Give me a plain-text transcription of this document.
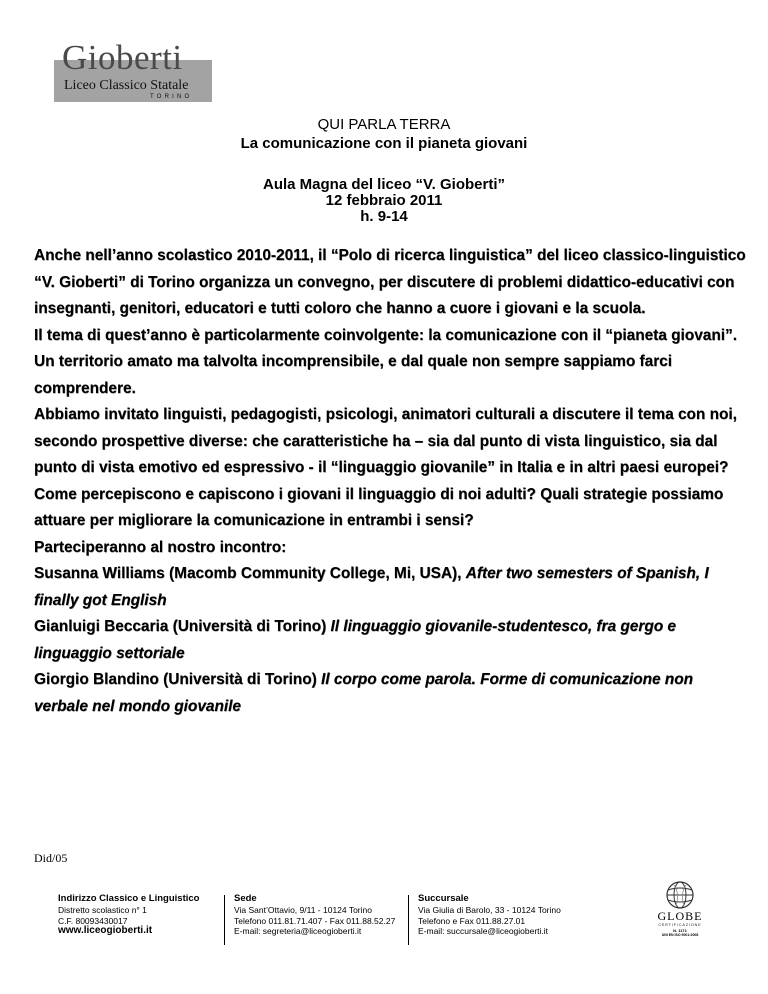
Gioberti
Liceo Classico Statale
TORINO
QUI PARLA TERRA
La comunicazione con il pianeta giovani
Aula Magna del liceo “V. Gioberti”
12 febbraio 2011
h. 9-14

Anche nell’anno scolastico 2010-2011, il “Polo di ricerca linguistica” del liceo classico-linguistico “V. Gioberti” di Torino organizza un convegno, per discutere di problemi didattico-educativi con insegnanti, genitori, educatori e tutti coloro che hanno a cuore i giovani e la scuola.

Il tema di quest’anno è particolarmente coinvolgente: la comunicazione con il “pianeta giovani”. Un territorio amato ma talvolta incomprensibile, e dal quale non sempre sappiamo farci comprendere.

Abbiamo invitato linguisti, pedagogisti, psicologi, animatori culturali a discutere il tema con noi, secondo prospettive diverse: che caratteristiche ha – sia dal punto di vista linguistico, sia dal punto di vista emotivo ed espressivo - il “linguaggio giovanile” in Italia e in altri paesi europei? Come percepiscono e capiscono i giovani il linguaggio di noi adulti? Quali strategie possiamo attuare per migliorare la comunicazione in entrambi i sensi?

Parteciperanno al nostro incontro:

Susanna Williams (Macomb Community College, Mi, USA), After two semesters of Spanish, I finally got English

Gianluigi Beccaria (Università di Torino) Il linguaggio giovanile-studentesco, fra gergo e linguaggio settoriale

Giorgio Blandino (Università di Torino) Il corpo come parola. Forme di comunicazione non verbale nel mondo giovanile

Did/05
Indirizzo Classico e Linguistico
Distretto scolastico n° 1
C.F. 80093430017
www.liceogioberti.it
Sede
Via Sant’Ottavio, 9/11 - 10124 Torino
Telefono 011.81.71.407 - Fax 011.88.52.27
E-mail: segreteria@liceogioberti.it
Succursale
Via Giulia di Barolo, 33 - 10124 Torino
Telefono e Fax 011.88.27.01
E-mail: succursale@liceogioberti.it
GLOBE
CERTIFICAZIONE
N. 1171
UNI EN ISO 9001:2008
